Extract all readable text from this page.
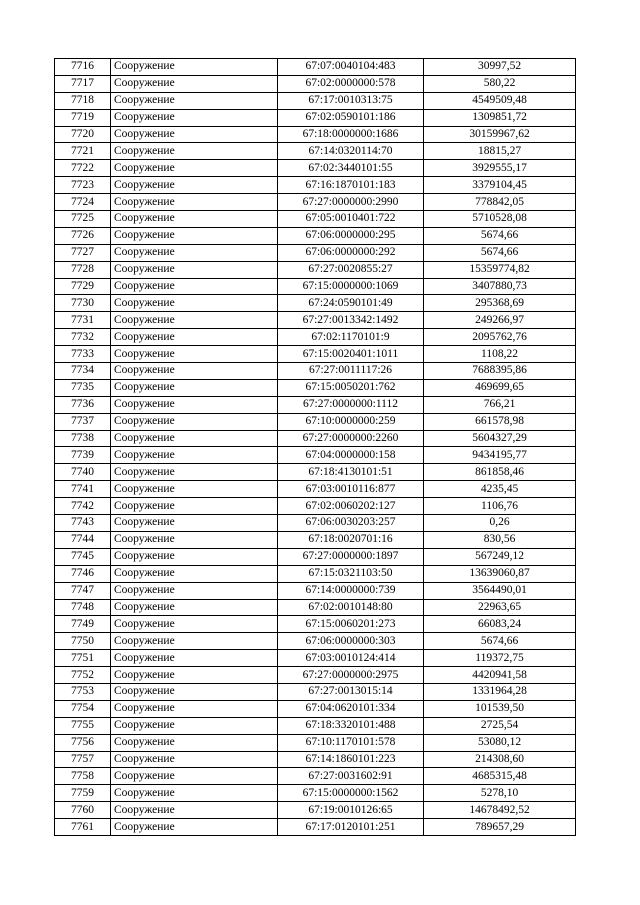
7716	Сооружение	67:07:0040104:483	30997,52
7717	Сооружение	67:02:0000000:578	580,22
7718	Сооружение	67:17:0010313:75	4549509,48
7719	Сооружение	67:02:0590101:186	1309851,72
7720	Сооружение	67:18:0000000:1686	30159967,62
7721	Сооружение	67:14:0320114:70	18815,27
7722	Сооружение	67:02:3440101:55	3929555,17
7723	Сооружение	67:16:1870101:183	3379104,45
7724	Сооружение	67:27:0000000:2990	778842,05
7725	Сооружение	67:05:0010401:722	5710528,08
7726	Сооружение	67:06:0000000:295	5674,66
7727	Сооружение	67:06:0000000:292	5674,66
7728	Сооружение	67:27:0020855:27	15359774,82
7729	Сооружение	67:15:0000000:1069	3407880,73
7730	Сооружение	67:24:0590101:49	295368,69
7731	Сооружение	67:27:0013342:1492	249266,97
7732	Сооружение	67:02:1170101:9	2095762,76
7733	Сооружение	67:15:0020401:1011	1108,22
7734	Сооружение	67:27:0011117:26	7688395,86
7735	Сооружение	67:15:0050201:762	469699,65
7736	Сооружение	67:27:0000000:1112	766,21
7737	Сооружение	67:10:0000000:259	661578,98
7738	Сооружение	67:27:0000000:2260	5604327,29
7739	Сооружение	67:04:0000000:158	9434195,77
7740	Сооружение	67:18:4130101:51	861858,46
7741	Сооружение	67:03:0010116:877	4235,45
7742	Сооружение	67:02:0060202:127	1106,76
7743	Сооружение	67:06:0030203:257	0,26
7744	Сооружение	67:18:0020701:16	830,56
7745	Сооружение	67:27:0000000:1897	567249,12
7746	Сооружение	67:15:0321103:50	13639060,87
7747	Сооружение	67:14:0000000:739	3564490,01
7748	Сооружение	67:02:0010148:80	22963,65
7749	Сооружение	67:15:0060201:273	66083,24
7750	Сооружение	67:06:0000000:303	5674,66
7751	Сооружение	67:03:0010124:414	119372,75
7752	Сооружение	67:27:0000000:2975	4420941,58
7753	Сооружение	67:27:0013015:14	1331964,28
7754	Сооружение	67:04:0620101:334	101539,50
7755	Сооружение	67:18:3320101:488	2725,54
7756	Сооружение	67:10:1170101:578	53080,12
7757	Сооружение	67:14:1860101:223	214308,60
7758	Сооружение	67:27:0031602:91	4685315,48
7759	Сооружение	67:15:0000000:1562	5278,10
7760	Сооружение	67:19:0010126:65	14678492,52
7761	Сооружение	67:17:0120101:251	789657,29
